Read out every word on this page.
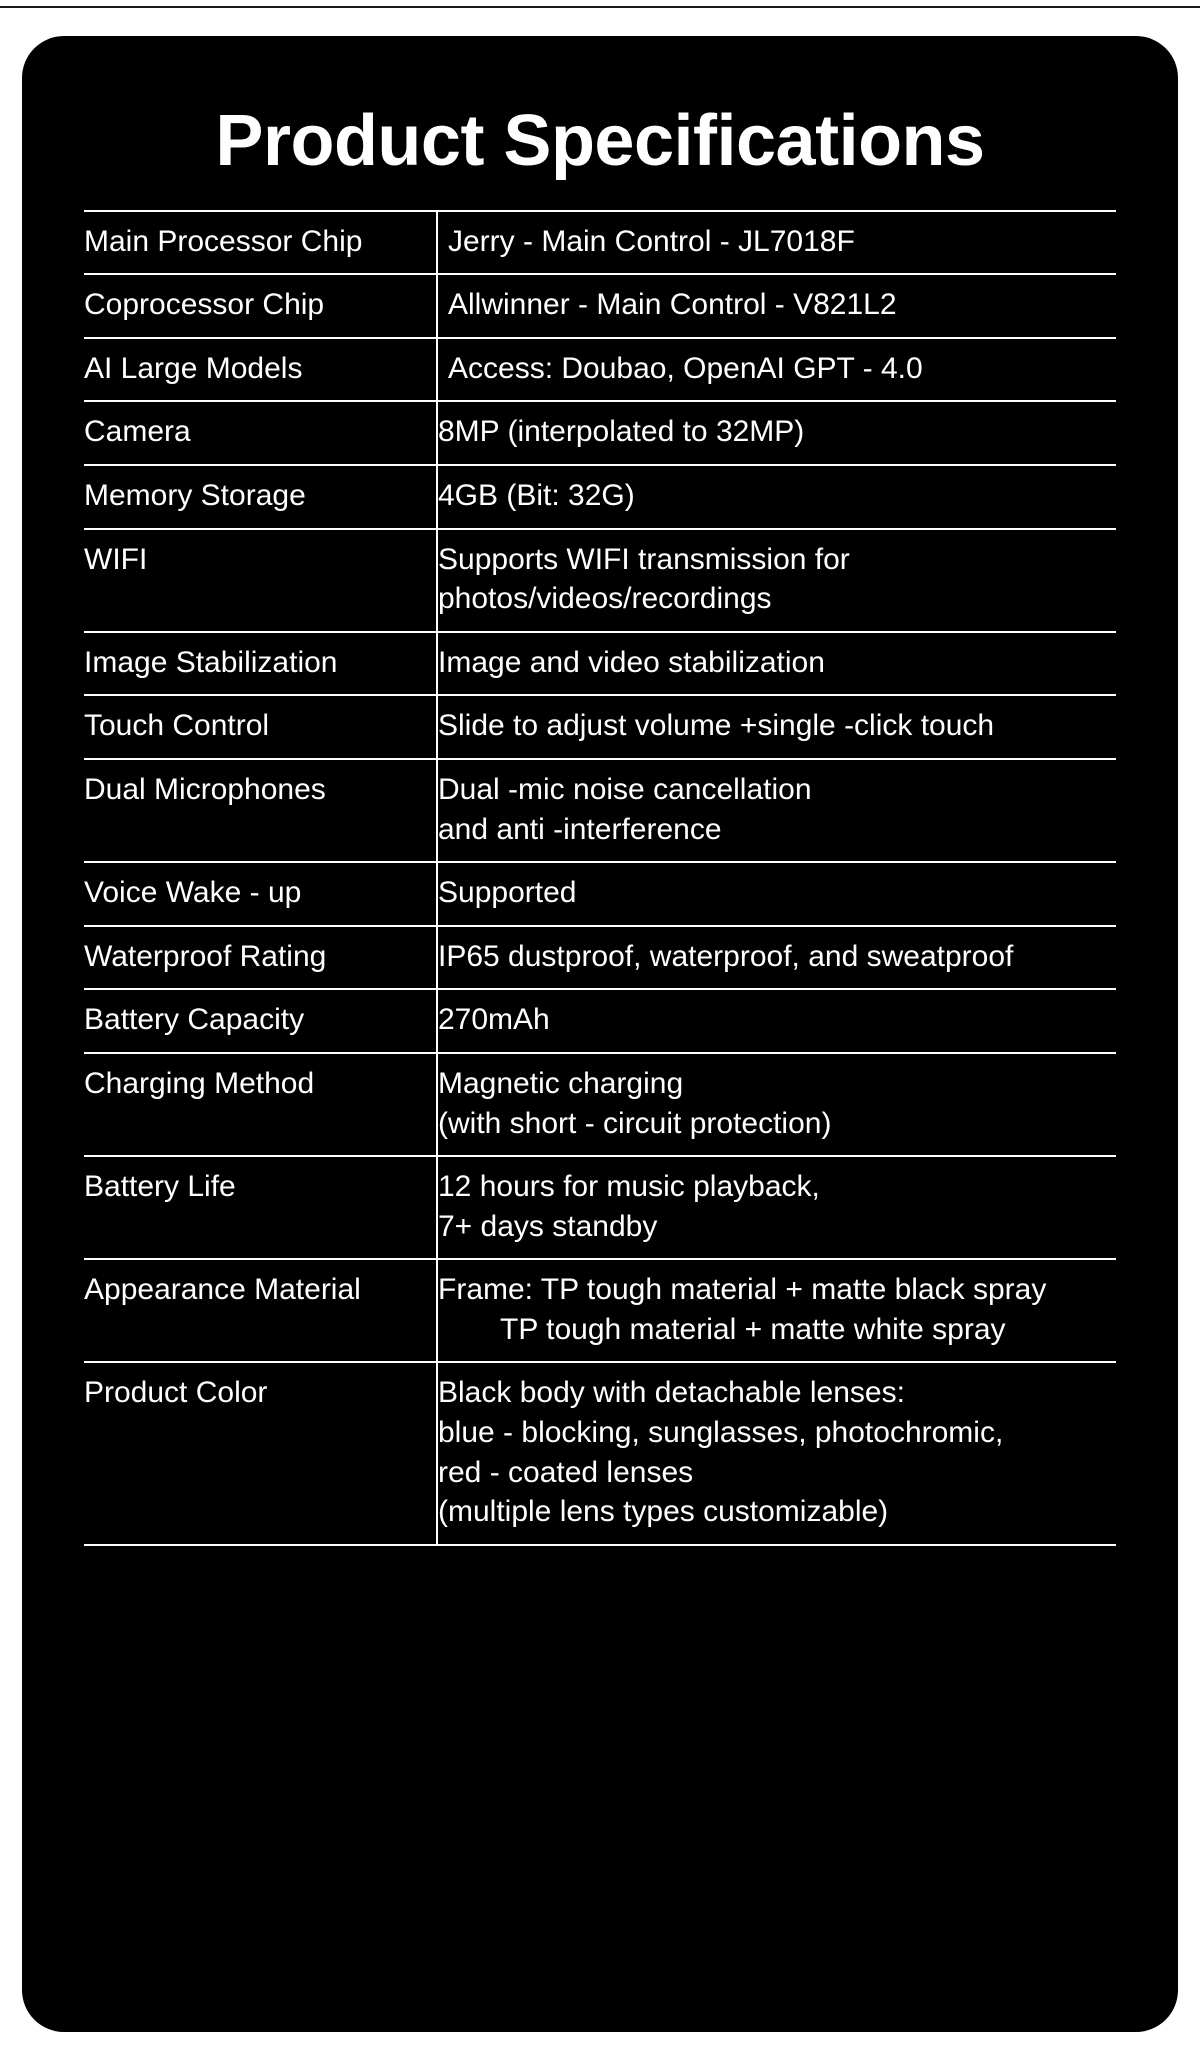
Product Specifications
Main Processor Chip	Jerry - Main Control - JL7018F

Coprocessor Chip	Allwinner - Main Control - V821L2

AI Large Models	Access: Doubao, OpenAI GPT - 4.0

Camera	8MP (interpolated to 32MP)

Memory Storage	4GB (Bit: 32G)

WIFI	Supports WIFI transmission for
photos/videos/recordings

Image Stabilization	Image and video stabilization

Touch Control	Slide to adjust volume +single -click touch

Dual Microphones	Dual -mic noise cancellation
and anti -interference

Voice Wake - up	Supported

Waterproof Rating	IP65 dustproof, waterproof, and sweatproof

Battery Capacity	270mAh

Charging Method	Magnetic charging
(with short - circuit protection)

Battery Life	12 hours for music playback,
7+ days standby

Appearance Material	Frame: TP tough material + matte black spray
TP tough material + matte white spray

Product Color	Black body with detachable lenses:
blue - blocking, sunglasses, photochromic,
red - coated lenses
(multiple lens types customizable)
